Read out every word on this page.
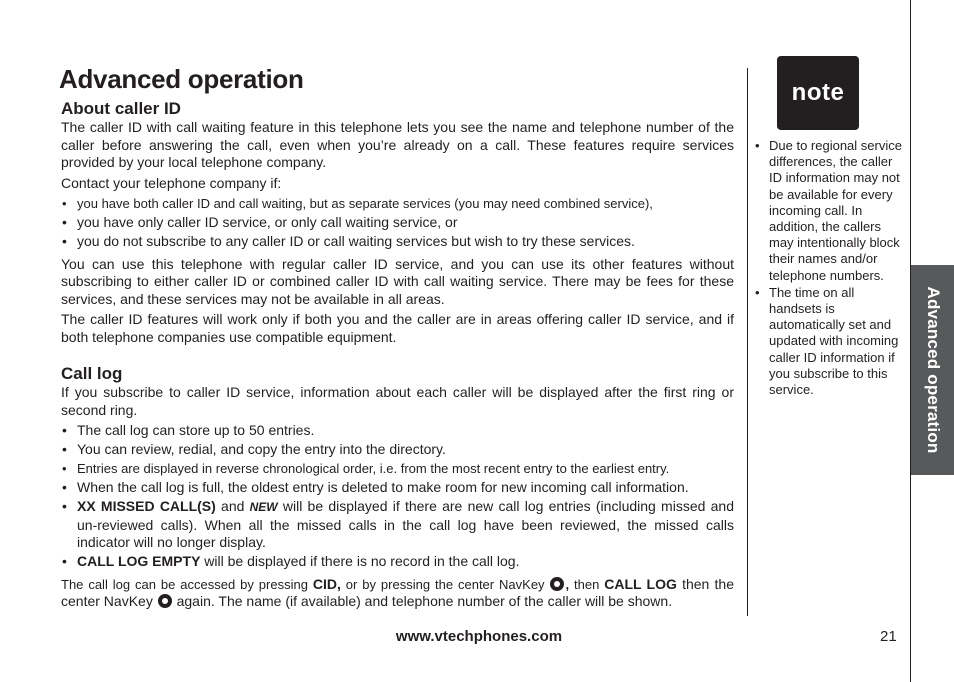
Advanced operation
Advanced operation
About caller ID

The caller ID with call waiting feature in this telephone lets you see the name and telephone number of the caller before answering the call, even when you’re already on a call. These features require services provided by your local telephone company.

Contact your telephone company if:

• you have both caller ID and call waiting, but as separate services (you may need combined service),
• you have only caller ID service, or only call waiting service, or
• you do not subscribe to any caller ID or call waiting services but wish to try these services.

You can use this telephone with regular caller ID service, and you can use its other features without subscribing to either caller ID or combined caller ID with call waiting service. There may be fees for these services, and these services may not be available in all areas.

The caller ID features will work only if both you and the caller are in areas offering caller ID service, and if both telephone companies use compatible equipment.

Call log

If you subscribe to caller ID service, information about each caller will be displayed after the first ring or second ring.

• The call log can store up to 50 entries.
• You can review, redial, and copy the entry into the directory.
• Entries are displayed in reverse chronological order, i.e. from the most recent entry to the earliest entry.
• When the call log is full, the oldest entry is deleted to make room for new incoming call information.
• XX MISSED CALL(S) and NEW will be displayed if there are new call log entries (including missed and un-reviewed calls). When all the missed calls in the call log have been reviewed, the missed calls indicator will no longer display.
• CALL LOG EMPTY will be displayed if there is no record in the call log.

The call log can be accessed by pressing CID, or by pressing the center NavKey , then CALL LOG then the center NavKey  again. The name (if available) and telephone number of the caller will be shown.

note
• Due to regional service differences, the caller ID information may not be available for every incoming call. In addition, the callers may intentionally block their names and/or telephone numbers.
• The time on all handsets is automatically set and updated with incoming caller ID information if you subscribe to this service.
www.vtechphones.com	21
